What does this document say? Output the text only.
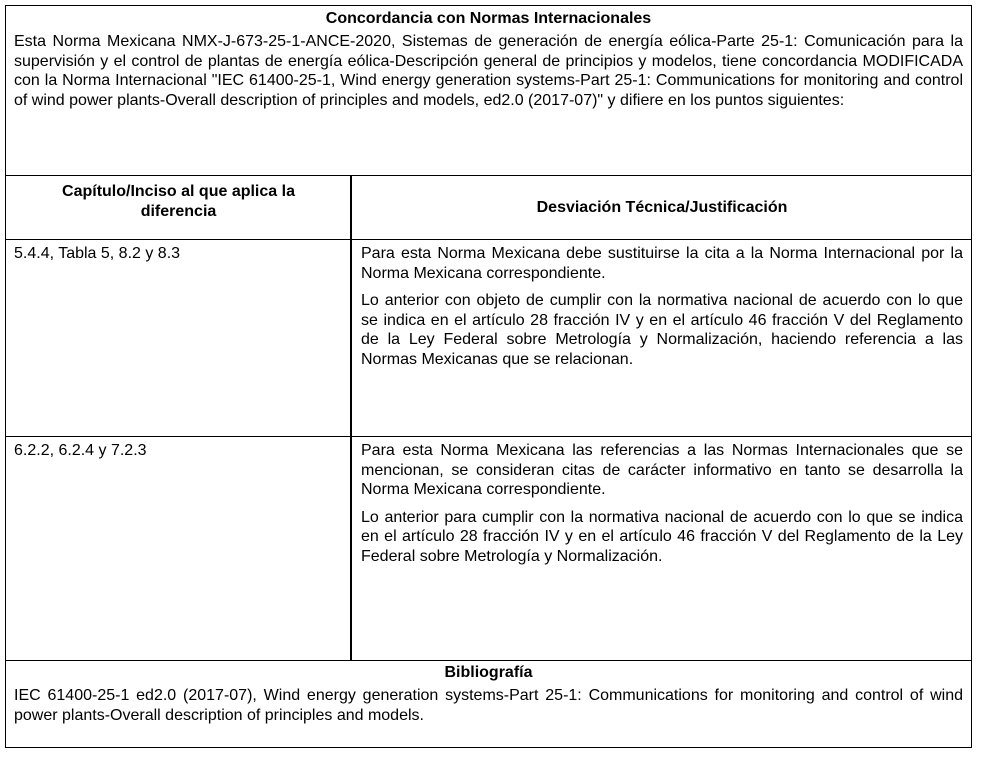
Concordancia con Normas Internacionales
Esta Norma Mexicana NMX-J-673-25-1-ANCE-2020, Sistemas de generación de energía eólica-Parte 25-1: Comunicación para la supervisión y el control de plantas de energía eólica-Descripción general de principios y modelos, tiene concordancia MODIFICADA con la Norma Internacional "IEC 61400-25-1, Wind energy generation systems-Part 25-1: Communications for monitoring and control of wind power plants-Overall description of principles and models, ed2.0 (2017-07)" y difiere en los puntos siguientes:
Capítulo/Inciso al que aplica la diferencia	Desviación Técnica/Justificación
5.4.4, Tabla 5, 8.2 y 8.3	Para esta Norma Mexicana debe sustituirse la cita a la Norma Internacional por la Norma Mexicana correspondiente.

Lo anterior con objeto de cumplir con la normativa nacional de acuerdo con lo que se indica en el artículo 28 fracción IV y en el artículo 46 fracción V del Reglamento de la Ley Federal sobre Metrología y Normalización, haciendo referencia a las Normas Mexicanas que se relacionan.

6.2.2, 6.2.4 y 7.2.3	Para esta Norma Mexicana las referencias a las Normas Internacionales que se mencionan, se consideran citas de carácter informativo en tanto se desarrolla la Norma Mexicana correspondiente.

Lo anterior para cumplir con la normativa nacional de acuerdo con lo que se indica en el artículo 28 fracción IV y en el artículo 46 fracción V del Reglamento de la Ley Federal sobre Metrología y Normalización.

Bibliografía
IEC 61400-25-1 ed2.0 (2017-07), Wind energy generation systems-Part 25-1: Communications for monitoring and control of wind power plants-Overall description of principles and models.
